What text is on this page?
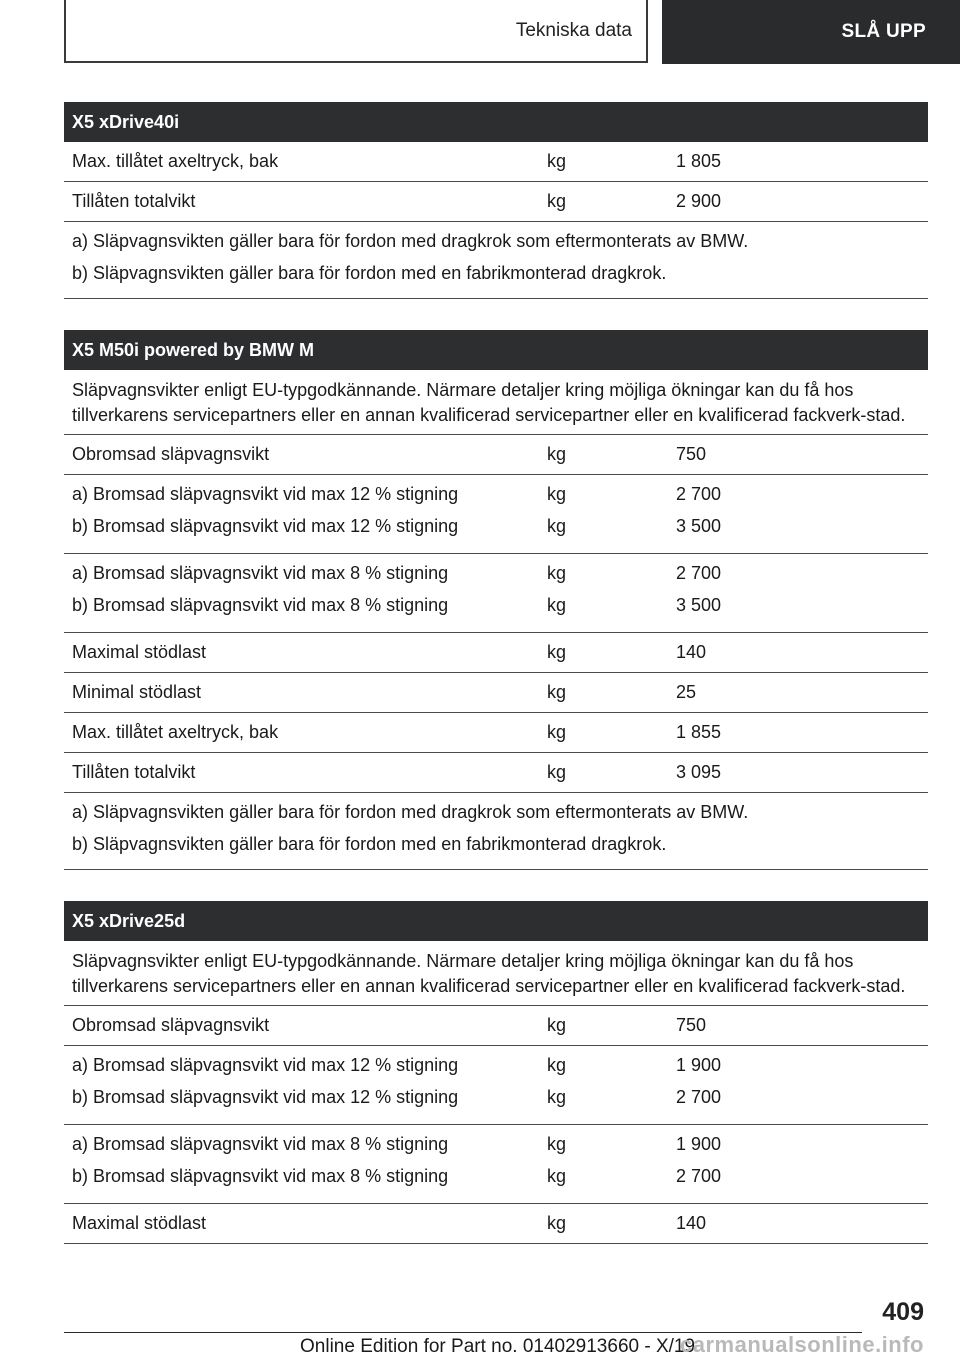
Tekniska data	SLÅ UPP
X5 xDrive40i
Max. tillåtet axeltryck, bak	kg	1 805
Tillåten totalvikt	kg	2 900
a) Släpvagnsvikten gäller bara för fordon med dragkrok som eftermonterats av BMW.
b) Släpvagnsvikten gäller bara för fordon med en fabrikmonterad dragkrok.
X5 M50i powered by BMW M
Släpvagnsvikter enligt EU-typgodkännande. Närmare detaljer kring möjliga ökningar kan du få hos tillverkarens servicepartners eller en annan kvalificerad servicepartner eller en kvalificerad fackverk-stad.
Obromsad släpvagnsvikt	kg	750
a) Bromsad släpvagnsvikt vid max 12 % stigning	kg	2 700
b) Bromsad släpvagnsvikt vid max 12 % stigning	kg	3 500
a) Bromsad släpvagnsvikt vid max 8 % stigning	kg	2 700
b) Bromsad släpvagnsvikt vid max 8 % stigning	kg	3 500
Maximal stödlast	kg	140
Minimal stödlast	kg	25
Max. tillåtet axeltryck, bak	kg	1 855
Tillåten totalvikt	kg	3 095
a) Släpvagnsvikten gäller bara för fordon med dragkrok som eftermonterats av BMW.
b) Släpvagnsvikten gäller bara för fordon med en fabrikmonterad dragkrok.
X5 xDrive25d
Släpvagnsvikter enligt EU-typgodkännande. Närmare detaljer kring möjliga ökningar kan du få hos tillverkarens servicepartners eller en annan kvalificerad servicepartner eller en kvalificerad fackverk-stad.
Obromsad släpvagnsvikt	kg	750
a) Bromsad släpvagnsvikt vid max 12 % stigning	kg	1 900
b) Bromsad släpvagnsvikt vid max 12 % stigning	kg	2 700
a) Bromsad släpvagnsvikt vid max 8 % stigning	kg	1 900
b) Bromsad släpvagnsvikt vid max 8 % stigning	kg	2 700
Maximal stödlast	kg	140
409
Online Edition for Part no. 01402913660 - X/19
carmanualsonline.info
